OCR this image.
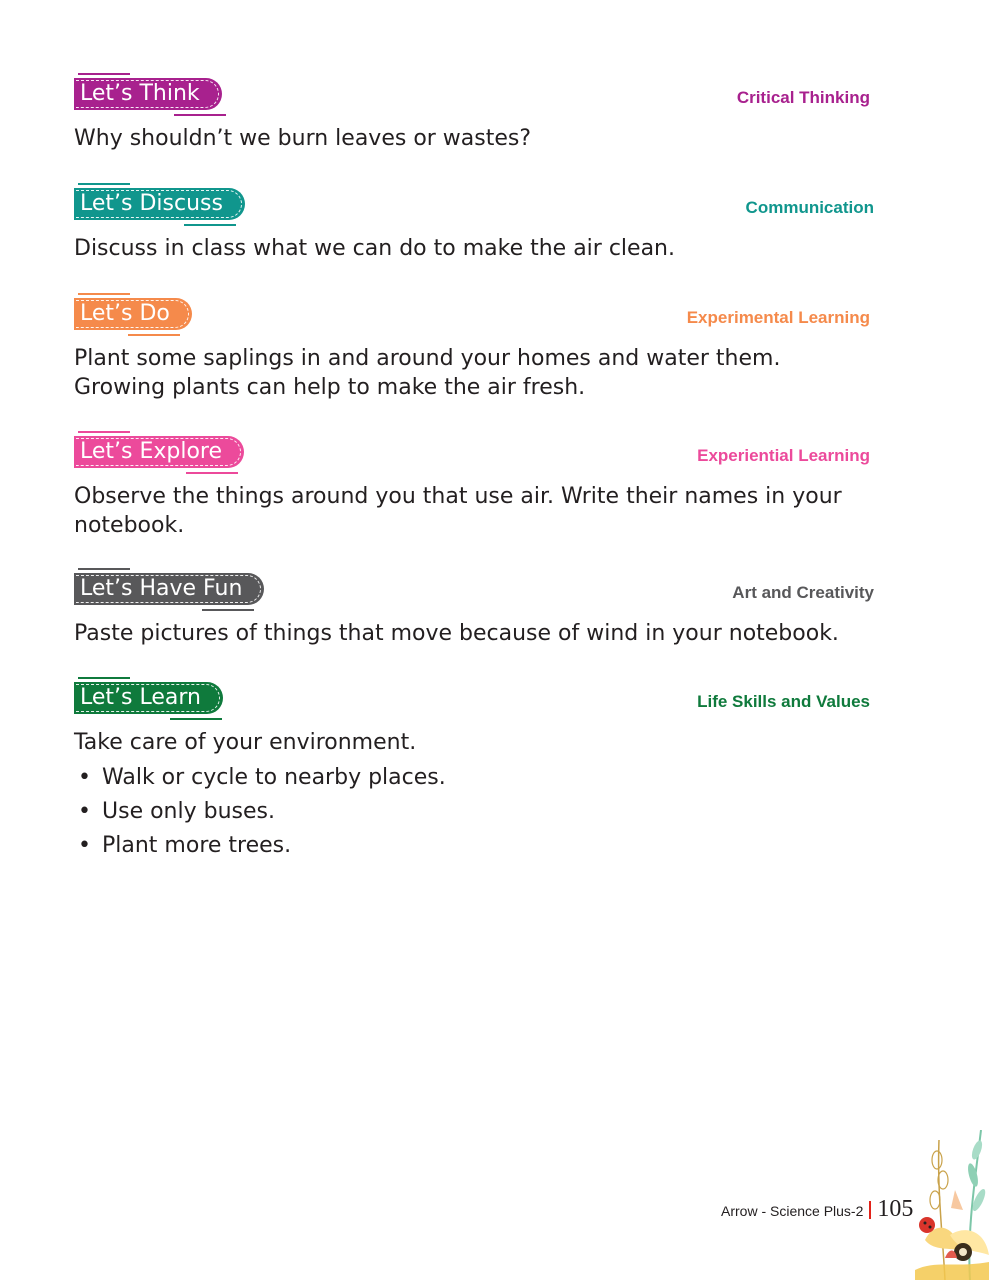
Let’s Think	Critical Thinking
Why shouldn’t we burn leaves or wastes?
Let’s Discuss	Communication
Discuss in class what we can do to make the air clean.
Let’s Do	Experimental Learning
Plant some saplings in and around your homes and water them. Growing plants can help to make the air fresh.
Let’s Explore	Experiential Learning
Observe the things around you that use air. Write their names in your notebook.
Let’s Have Fun	Art and Creativity
Paste pictures of things that move because of wind in your notebook.
Let’s Learn	Life Skills and Values
Take care of your environment.
• Walk or cycle to nearby places.
• Use only buses.
• Plant more trees.
Arrow - Science Plus-2 105
